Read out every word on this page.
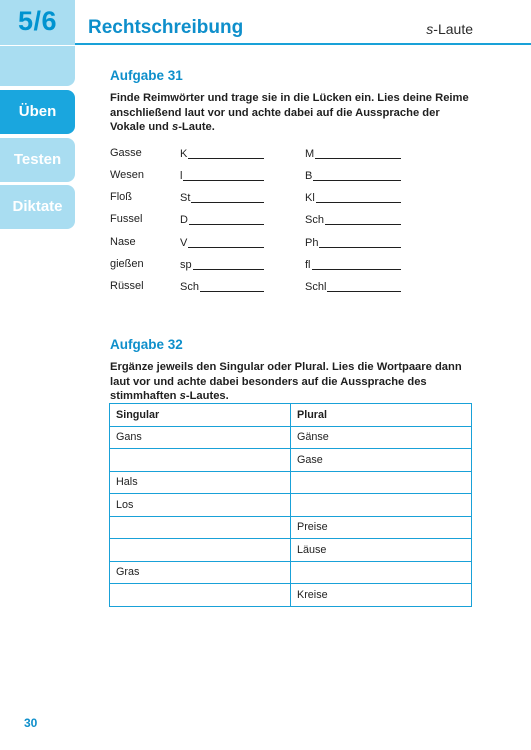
5/6	Rechtschreibung	s-Laute
Üben
Testen
Diktate
Aufgabe 31
Finde Reimwörter und trage sie in die Lücken ein. Lies deine Reime anschließend laut vor und achte dabei auf die Aussprache der Vokale und s-Laute.
Gasse	K	M
Wesen	l	B
Floß	St	Kl
Fussel	D	Sch
Nase	V	Ph
gießen	sp	fl
Rüssel	Sch	Schl
Aufgabe 32
Ergänze jeweils den Singular oder Plural. Lies die Wortpaare dann laut vor und achte dabei besonders auf die Aussprache des stimmhaften s-Lautes.
Singular	Plural
Gans	Gänse
	Gase
Hals	
Los	
	Preise
	Läuse
Gras	
	Kreise
30
